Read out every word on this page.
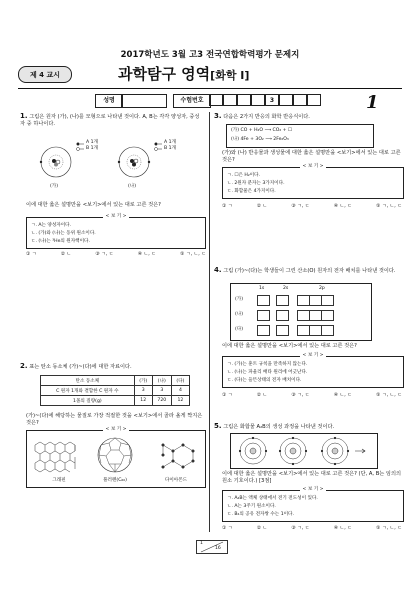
2017학년도 3월 고3 전국연합학력평가 문제지
제 4 교시	과학탐구 영역[화학 Ⅰ]
성명	수험번호	3	1
1. 그림은 원자 (가), (나)를 모형으로 나타낸 것이다. A, B는 각각 양성자, 중성자 중 하나이다.
A 1개
B 1개
A 1개
B 1개
(가)	(나)
이에 대한 옳은 설명만을 <보기>에서 있는 대로 고른 것은?
< 보 기 >
ㄱ. A는 양성자이다.
ㄴ. (가)와 (나)는 동위 원소이다.
ㄷ. (나)는 ³He의 원자핵이다.
① ㄱ	② ㄴ	③ ㄱ, ㄷ	④ ㄴ, ㄷ	⑤ ㄱ, ㄴ, ㄷ
2. 표는 탄소 동소체 (가)~(다)에 대한 자료이다.
탄소 동소체	(가)	(나)	(다)
C 원자 1개와 결합한 C 원자 수	3	3	4
1몰의 질량(g)	12	720	12
(가)~(다)에 해당하는 물질로 가장 적절한 것을 <보기>에서 골라 올게 짝지은 것은?
< 보 기 >
그래핀	풀러렌(C₆₀)	다이아몬드
3. 다음은 2가지 반응의 화학 반응식이다.
(가) CO + H₂O ⟶ CO₂ + ☐
(나) 4Fe + 3O₂ ⟶ 2Fe₂O₃
(가)와 (나) 반응물과 생성물에 대한 옳은 설명만을 <보기>에서 있는 대로 고른 것은?
< 보 기 >
ㄱ. ☐은 H₂이다.
ㄴ. 2원자 분자는 3가지이다.
ㄷ. 화합물은 4가지이다.
① ㄱ	② ㄴ	③ ㄱ, ㄷ	④ ㄴ, ㄷ	⑤ ㄱ, ㄴ, ㄷ
4. 그림 (가)~(다)는 학생들이 그린 산소(O) 원자의 전자 배치를 나타낸 것이다.
1s	2s	2p
(가)
(나)
(다)

이에 대한 옳은 설명만을 <보기>에서 있는 대로 고른 것은?
< 보 기 >
ㄱ. (가)는 훈트 규칙을 만족하지 않는다.
ㄴ. (나)는 파울리 배타 원리에 어긋난다.
ㄷ. (다)는 들뜬상태의 전자 배치이다.
① ㄱ	② ㄴ	③ ㄱ, ㄷ	④ ㄴ, ㄷ	⑤ ㄱ, ㄴ, ㄷ
5. 그림은 화합물 A₂B의 생성 과정을 나타낸 것이다.
이에 대한 옳은 설명만을 <보기>에서 있는 대로 고른 것은? (단, A, B는 임의의 원소 기호이다.) [3점]
< 보 기 >
ㄱ. A₂B는 액체 상태에서 전기 전도성이 있다.
ㄴ. A는 3주기 원소이다.
ㄷ. B₂의 공유 전자쌍 수는 1이다.
① ㄱ	② ㄴ	③ ㄱ, ㄷ	④ ㄴ, ㄷ	⑤ ㄱ, ㄴ, ㄷ
1
16
